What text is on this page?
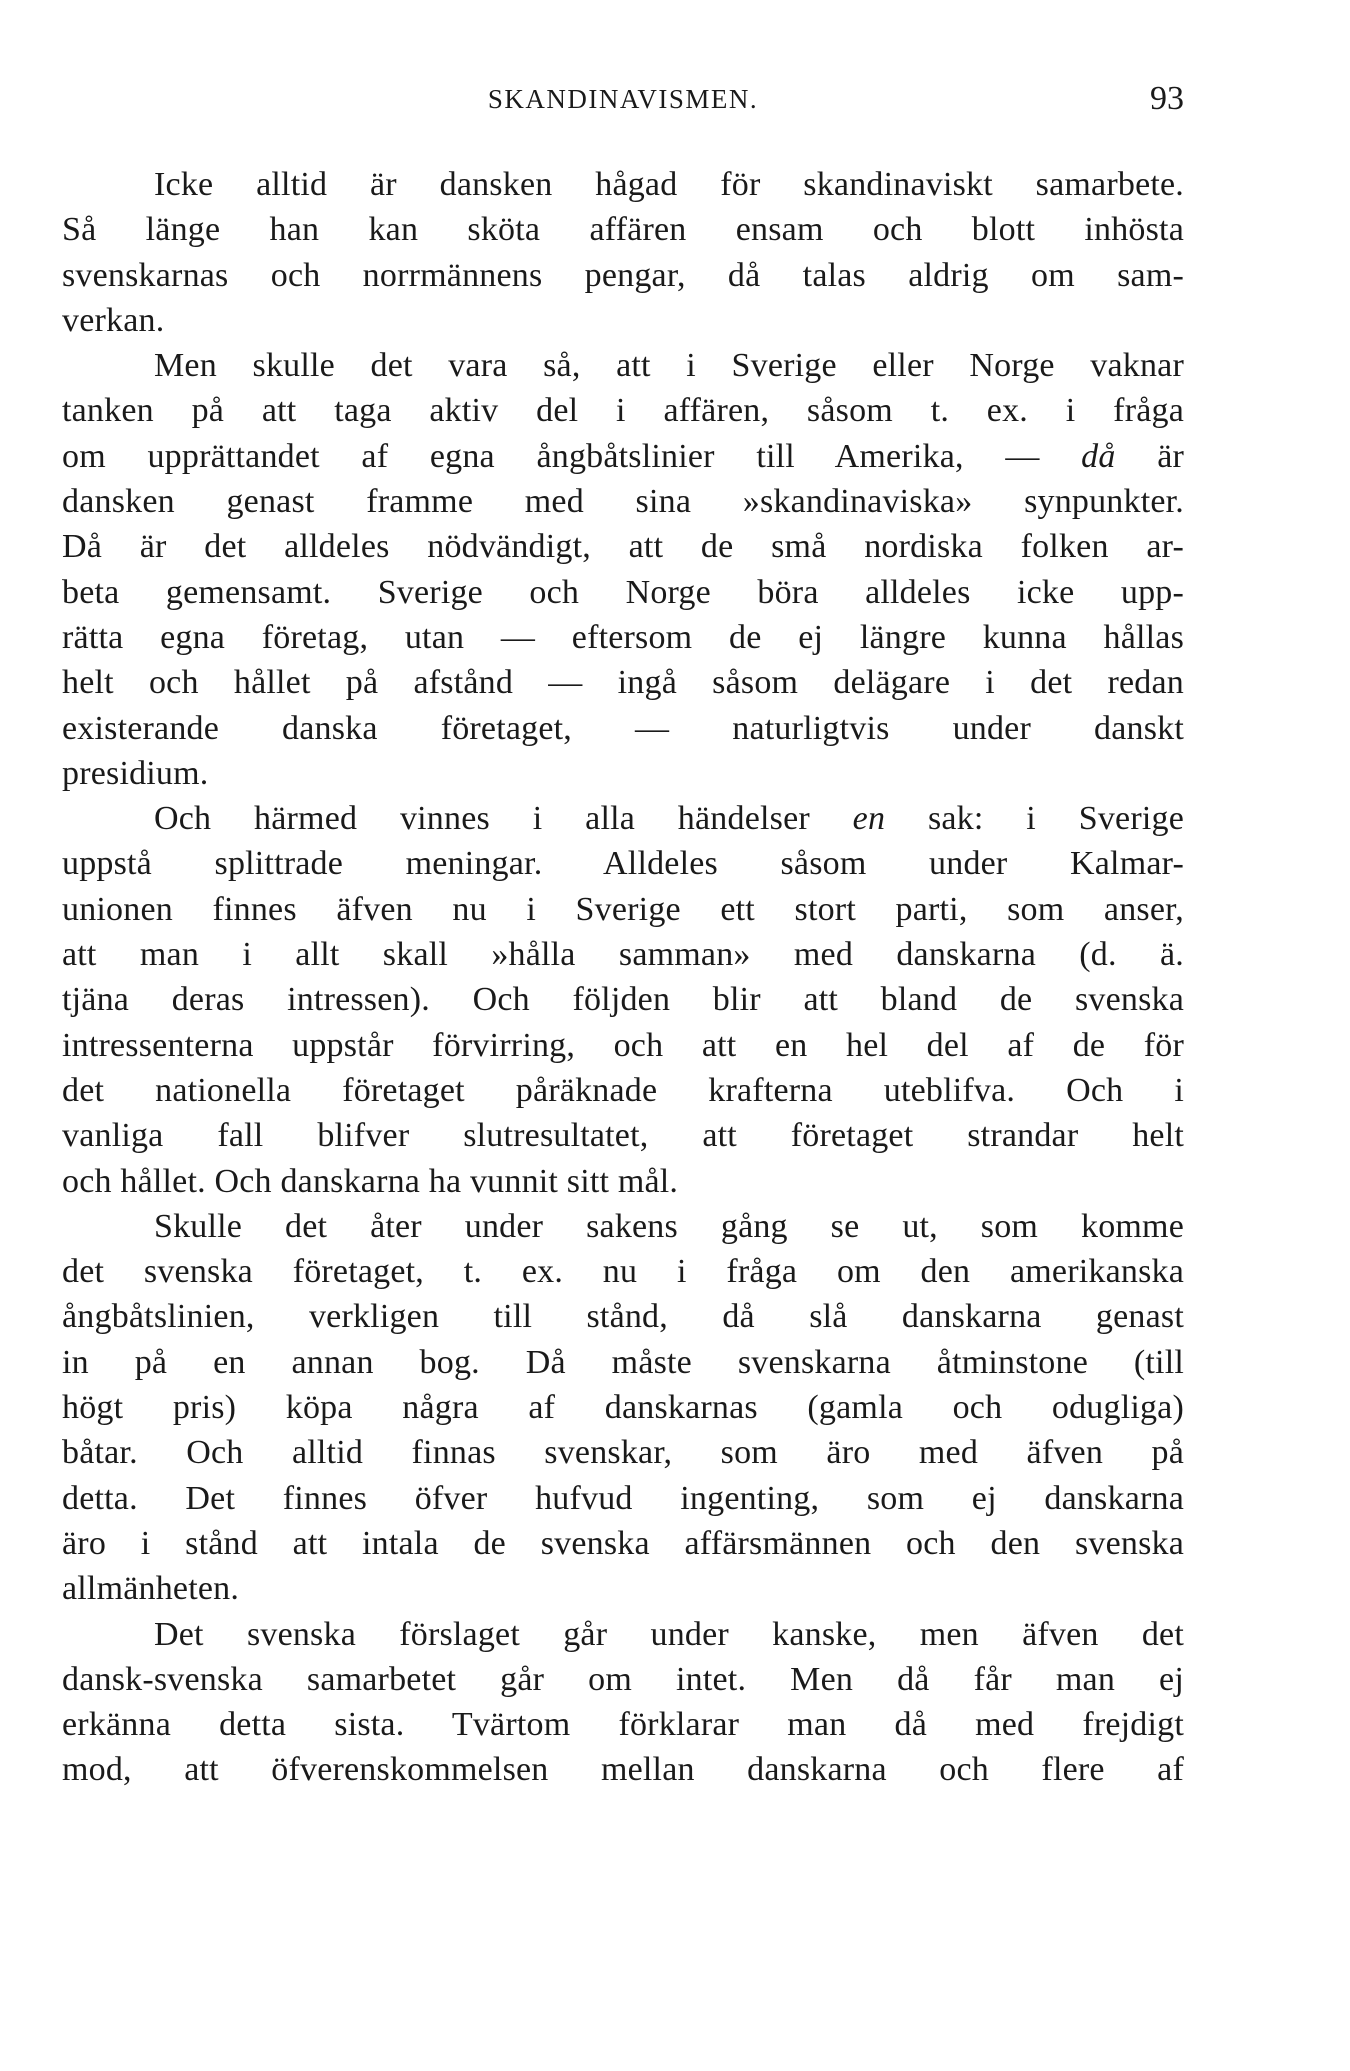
SKANDINAVISMEN.	93
Icke alltid är dansken hågad för skandinaviskt samarbete.
Så länge han kan sköta affären ensam och blott inhösta
svenskarnas och norrmännens pengar, då talas aldrig om sam-
verkan.
Men skulle det vara så, att i Sverige eller Norge vaknar
tanken på att taga aktiv del i affären, såsom t. ex. i fråga
om upprättandet af egna ångbåtslinier till Amerika, — då är
dansken genast framme med sina »skandinaviska» synpunkter.
Då är det alldeles nödvändigt, att de små nordiska folken ar-
beta gemensamt. Sverige och Norge böra alldeles icke upp-
rätta egna företag, utan — eftersom de ej längre kunna hållas
helt och hållet på afstånd — ingå såsom delägare i det redan
existerande danska företaget, — naturligtvis under danskt
presidium.
Och härmed vinnes i alla händelser en sak: i Sverige
uppstå splittrade meningar. Alldeles såsom under Kalmar-
unionen finnes äfven nu i Sverige ett stort parti, som anser,
att man i allt skall »hålla samman» med danskarna (d. ä.
tjäna deras intressen). Och följden blir att bland de svenska
intressenterna uppstår förvirring, och att en hel del af de för
det nationella företaget påräknade krafterna uteblifva. Och i
vanliga fall blifver slutresultatet, att företaget strandar helt
och hållet. Och danskarna ha vunnit sitt mål.
Skulle det åter under sakens gång se ut, som komme
det svenska företaget, t. ex. nu i fråga om den amerikanska
ångbåtslinien, verkligen till stånd, då slå danskarna genast
in på en annan bog. Då måste svenskarna åtminstone (till
högt pris) köpa några af danskarnas (gamla och odugliga)
båtar. Och alltid finnas svenskar, som äro med äfven på
detta. Det finnes öfver hufvud ingenting, som ej danskarna
äro i stånd att intala de svenska affärsmännen och den svenska
allmänheten.
Det svenska förslaget går under kanske, men äfven det
dansk-svenska samarbetet går om intet. Men då får man ej
erkänna detta sista. Tvärtom förklarar man då med frejdigt
mod, att öfverenskommelsen mellan danskarna och flere af
